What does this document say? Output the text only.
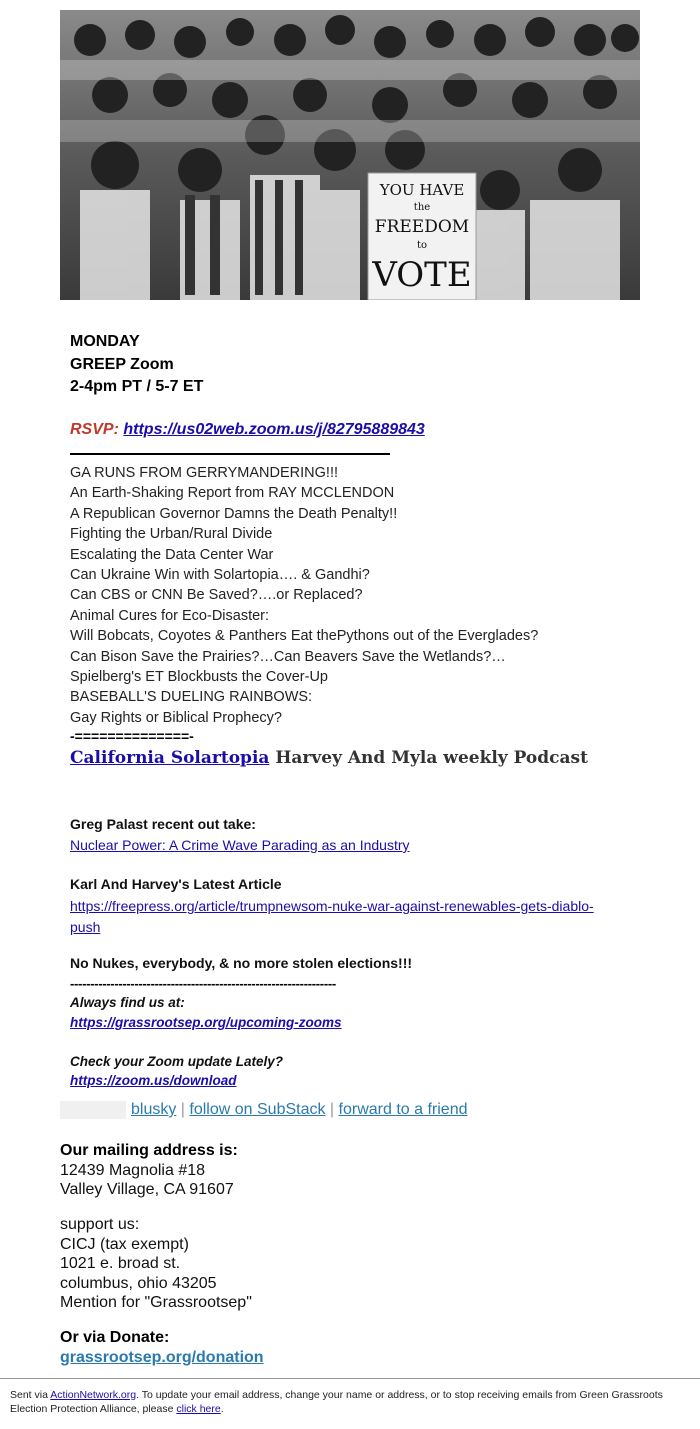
YOU HAVE
the
FREEDOM
to
VOTE
MONDAY
GREEP Zoom
2-4pm PT / 5-7 ET
RSVP: https://us02web.zoom.us/j/82795889843
GA RUNS FROM GERRYMANDERING!!!
An Earth-Shaking Report from RAY MCCLENDON
A Republican Governor Damns the Death Penalty!!
Fighting the Urban/Rural Divide
Escalating the Data Center War
Can Ukraine Win with Solartopia…. & Gandhi?
Can CBS or CNN Be Saved?….or Replaced?
Animal Cures for Eco-Disaster:
Will Bobcats, Coyotes & Panthers Eat thePythons out of the Everglades?
Can Bison Save the Prairies?…Can Beavers Save the Wetlands?…
Spielberg's ET Blockbusts the Cover-Up
BASEBALL'S DUELING RAINBOWS:
Gay Rights or Biblical Prophecy?
-==============-
California Solartopia Harvey And Myla weekly Podcast
Greg Palast recent out take:
Nuclear Power: A Crime Wave Parading as an Industry
Karl And Harvey's Latest Article
https://freepress.org/article/trumpnewsom-nuke-war-against-renewables-gets-diablo-
push
No Nukes, everybody, & no more stolen elections!!!
------------------------------------------------------------------
Always find us at:
https://grassrootsep.org/upcoming-zooms
Check your Zoom update Lately?
https://zoom.us/download
blusky | follow on SubStack | forward to a friend
Our mailing address is:
12439 Magnolia #18
Valley Village, CA 91607
support us:
CICJ (tax exempt)
1021 e. broad st.
columbus, ohio 43205
Mention for "Grassrootsep"
Or via Donate:
grassrootsep.org/donation

Sent via ActionNetwork.org. To update your email address, change your name or address, or to stop receiving emails from Green Grassroots Election Protection Alliance, please click here.
